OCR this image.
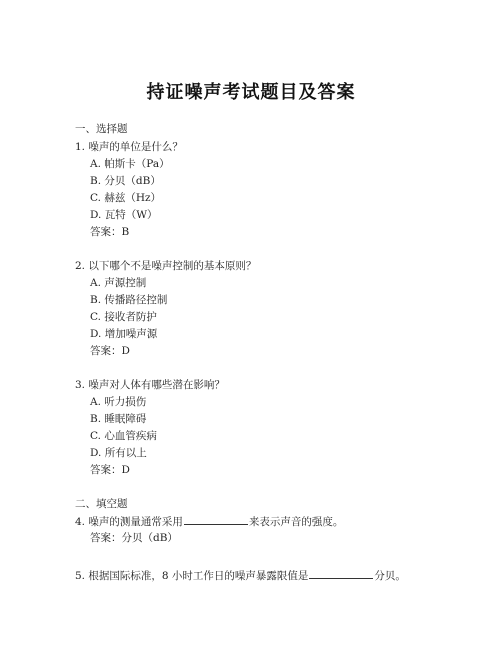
持证噪声考试题目及答案
一、选择题
1. 噪声的单位是什么？
A. 帕斯卡（Pa）
B. 分贝（dB）
C. 赫兹（Hz）
D. 瓦特（W）
答案：B
2. 以下哪个不是噪声控制的基本原则？
A. 声源控制
B. 传播路径控制
C. 接收者防护
D. 增加噪声源
答案：D
3. 噪声对人体有哪些潜在影响？
A. 听力损伤
B. 睡眠障碍
C. 心血管疾病
D. 所有以上
答案：D
二、填空题
4. 噪声的测量通常采用	来表示声音的强度。
答案：分贝（dB）
5. 根据国际标准，8 小时工作日的噪声暴露限值是	分贝。
